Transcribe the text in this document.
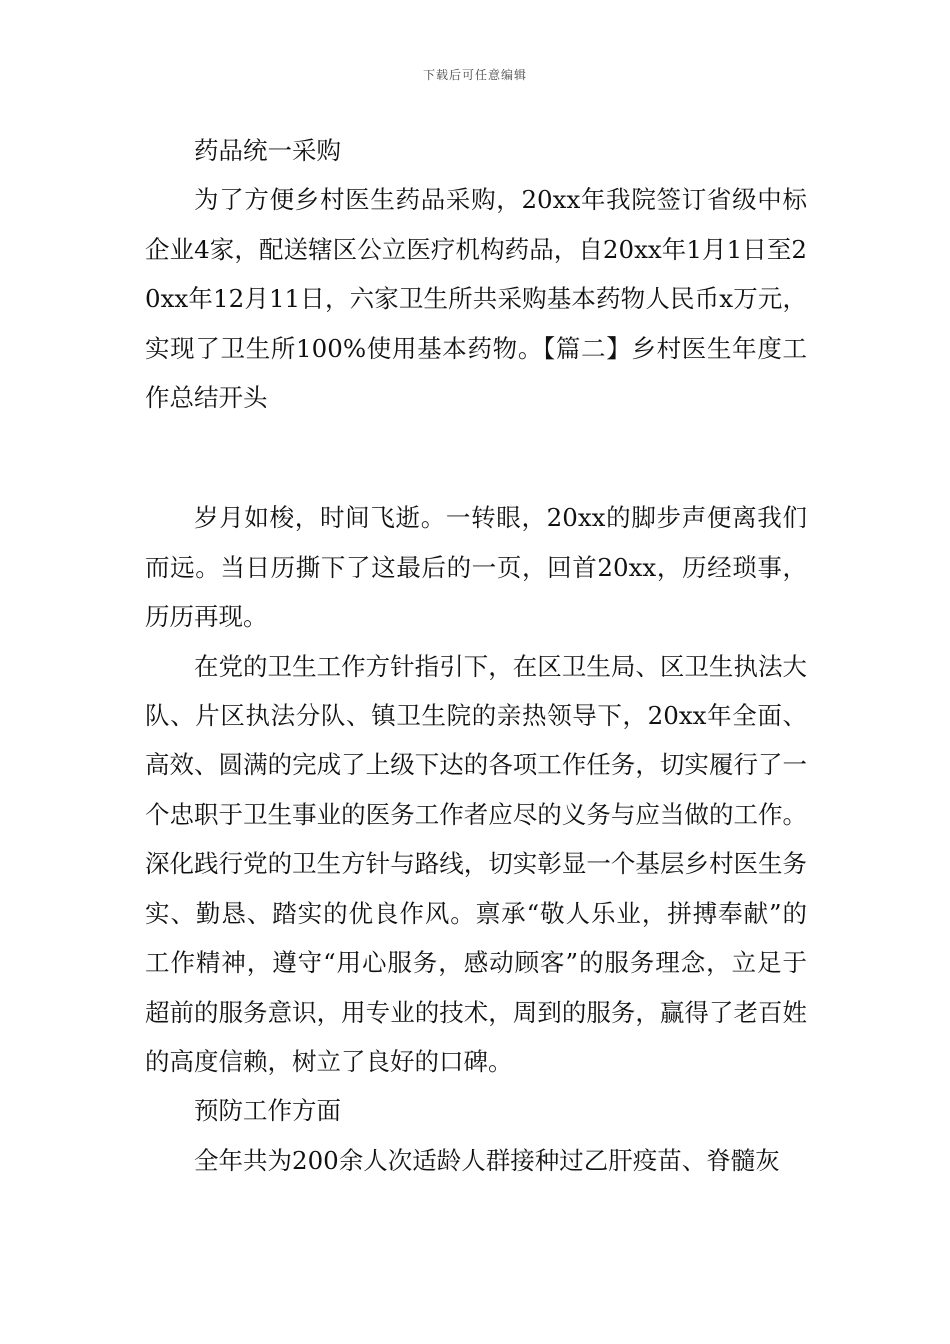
下载后可任意编辑

药品统一采购

为了方便乡村医生药品采购，20xx年我院签订省级中标企业4家，配送辖区公立医疗机构药品，自20xx年1月1日至20xx年12月11日，六家卫生所共采购基本药物人民币x万元，实现了卫生所100%使用基本药物。【篇二】乡村医生年度工作总结开头

岁月如梭，时间飞逝。一转眼，20xx的脚步声便离我们而远。当日历撕下了这最后的一页，回首20xx，历经琐事，历历再现。

在党的卫生工作方针指引下，在区卫生局、区卫生执法大队、片区执法分队、镇卫生院的亲热领导下，20xx年全面、高效、圆满的完成了上级下达的各项工作任务，切实履行了一个忠职于卫生事业的医务工作者应尽的义务与应当做的工作。深化践行党的卫生方针与路线，切实彰显一个基层乡村医生务实、勤恳、踏实的优良作风。禀承“敬人乐业，拼搏奉献”的工作精神，遵守“用心服务，感动顾客”的服务理念，立足于超前的服务意识，用专业的技术，周到的服务，赢得了老百姓的高度信赖，树立了良好的口碑。

预防工作方面

全年共为200余人次适龄人群接种过乙肝疫苗、脊髓灰
